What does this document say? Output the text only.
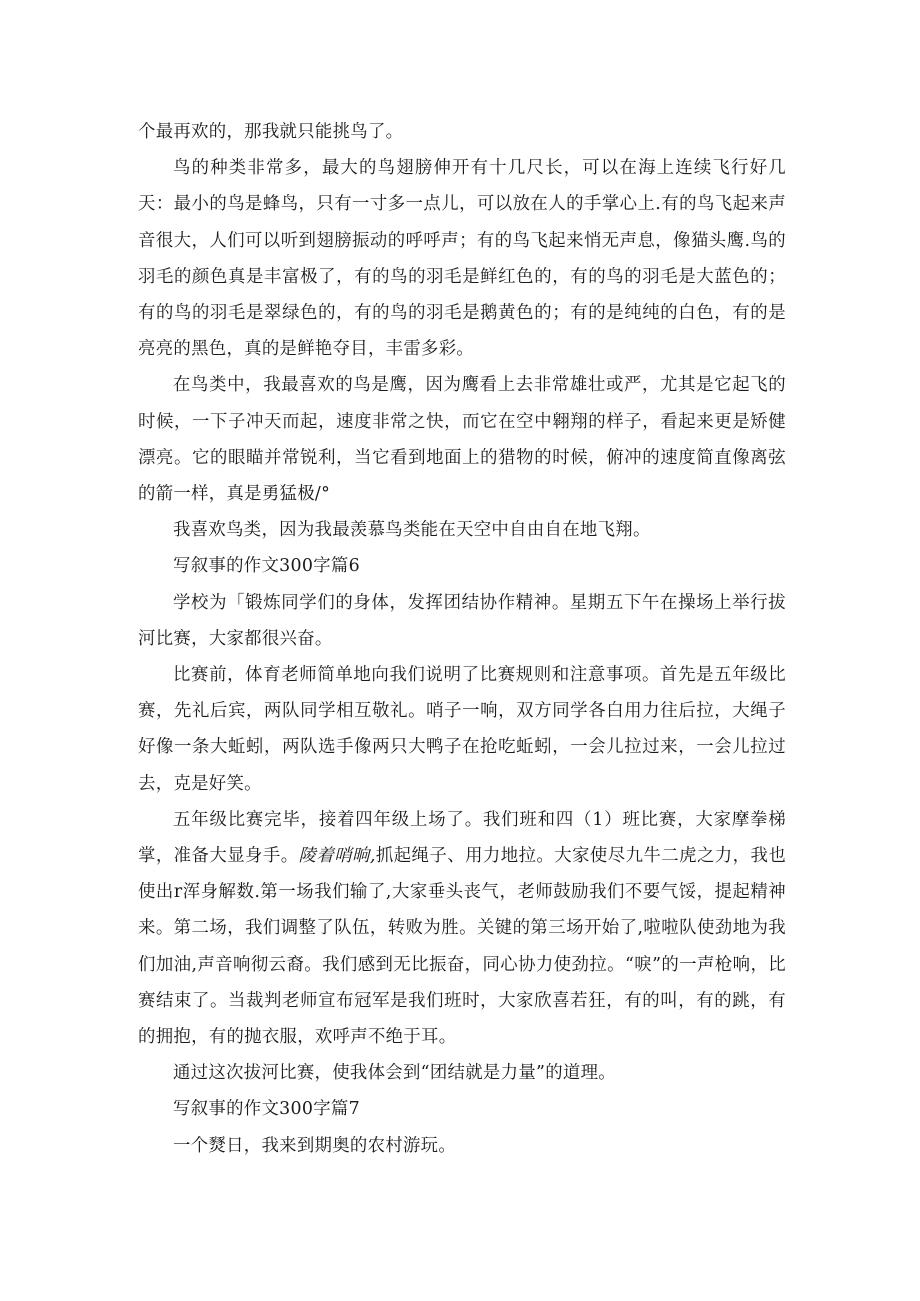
个最再欢的，那我就只能挑鸟了。

鸟的种类非常多，最大的鸟翅膀伸开有十几尺长，可以在海上连续飞行好几天：最小的鸟是蜂鸟，只有一寸多一点儿，可以放在人的手掌心上.有的鸟飞起来声音很大，人们可以听到翅膀振动的呼呼声；有的鸟飞起来悄无声息，像猫头鹰.鸟的羽毛的颜色真是丰富极了，有的鸟的羽毛是鲜红色的，有的鸟的羽毛是大蓝色的；有的鸟的羽毛是翠绿色的，有的鸟的羽毛是鹅黄色的；有的是纯纯的白色，有的是亮亮的黑色，真的是鲜艳夺目，丰雷多彩。

在鸟类中，我最喜欢的鸟是鹰，因为鹰看上去非常雄壮或严，尤其是它起飞的时候，一下子冲天而起，速度非常之快，而它在空中翱翔的样子，看起来更是矫健漂亮。它的眼瞄并常锐利，当它看到地面上的猎物的时候，俯冲的速度简直像离弦的箭一样，真是勇猛极/°

我喜欢鸟类，因为我最羡慕鸟类能在天空中自由自在地飞翔。

写叙事的作文300字篇6

学校为「锻炼同学们的身体，发挥团结协作精神。星期五下午在操场上举行拔河比赛，大家都很兴奋。

比赛前，体育老师简单地向我们说明了比赛规则和注意事项。首先是五年级比赛，先礼后宾，两队同学相互敬礼。哨子一响，双方同学各白用力往后拉，大绳子好像一条大蚯蚓，两队选手像两只大鸭子在抢吃蚯蚓，一会儿拉过来，一会儿拉过去，克是好笑。

五年级比赛完毕，接着四年级上场了。我们班和四（1）班比赛，大家摩拳梯掌，准备大显身手。陵着哨晌,抓起绳子、用力地拉。大家使尽九牛二虎之力，我也使出r浑身解数.第一场我们输了,大家垂头丧气，老师鼓励我们不要气馁，提起精神来。第二场，我们调整了队伍，转败为胜。关键的第三场开始了,啦啦队使劲地为我们加油,声音响彻云裔。我们感到无比振奋，同心协力使劲拉。“唳”的一声枪响，比赛结束了。当裁判老师宣布冠军是我们班时，大家欣喜若狂，有的叫，有的跳，有的拥抱，有的抛衣服，欢呼声不绝于耳。

通过这次拔河比赛，使我体会到“团结就是力量”的道理。

写叙事的作文300字篇7

一个燹日，我来到期奥的农村游玩。
